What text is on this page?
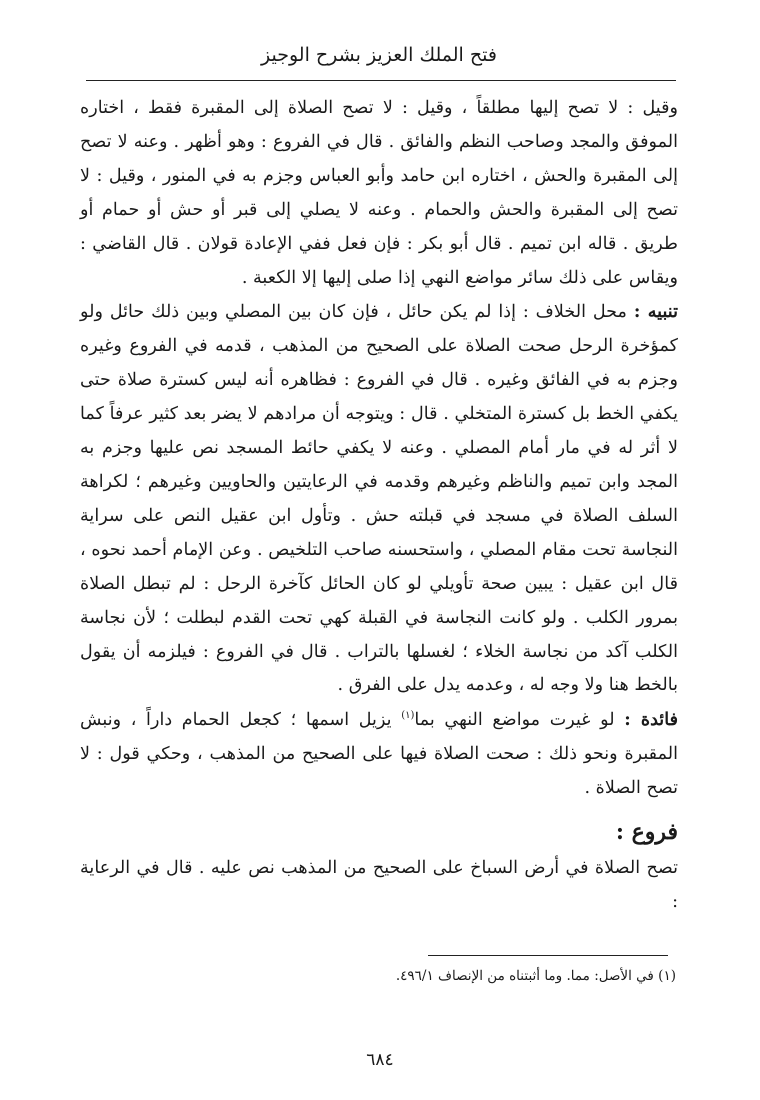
فتح الملك العزيز بشرح الوجيز

وقيل : لا تصح إليها مطلقاً ، وقيل : لا تصح الصلاة إلى المقبرة فقط ، اختاره الموفق والمجد وصاحب النظم والفائق . قال في الفروع : وهو أظهر . وعنه لا تصح إلى المقبرة والحش ، اختاره ابن حامد وأبو العباس وجزم به في المنور ، وقيل : لا تصح إلى المقبرة والحش والحمام . وعنه لا يصلي إلى قبر أو حش أو حمام أو طريق . قاله ابن تميم . قال أبو بكر : فإن فعل ففي الإعادة قولان . قال القاضي : ويقاس على ذلك سائر مواضع النهي إذا صلى إليها إلا الكعبة .

تنبيه : محل الخلاف : إذا لم يكن حائل ، فإن كان بين المصلي وبين ذلك حائل ولو كمؤخرة الرحل صحت الصلاة على الصحيح من المذهب ، قدمه في الفروع وغيره وجزم به في الفائق وغيره . قال في الفروع : فظاهره أنه ليس كسترة صلاة حتى يكفي الخط بل كسترة المتخلي . قال : ويتوجه أن مرادهم لا يضر بعد كثير عرفاً كما لا أثر له في مار أمام المصلي . وعنه لا يكفي حائط المسجد نص عليها وجزم به المجد وابن تميم والناظم وغيرهم وقدمه في الرعايتين والحاويين وغيرهم ؛ لكراهة السلف الصلاة في مسجد في قبلته حش . وتأول ابن عقيل النص على سراية النجاسة تحت مقام المصلي ، واستحسنه صاحب التلخيص . وعن الإمام أحمد نحوه ، قال ابن عقيل : يبين صحة تأويلي لو كان الحائل كآخرة الرحل : لم تبطل الصلاة بمرور الكلب . ولو كانت النجاسة في القبلة كهي تحت القدم لبطلت ؛ لأن نجاسة الكلب آكد من نجاسة الخلاء ؛ لغسلها بالتراب . قال في الفروع : فيلزمه أن يقول بالخط هنا ولا وجه له ، وعدمه يدل على الفرق .

فائدة : لو غيرت مواضع النهي بما$^{(١)}$ يزيل اسمها ؛ كجعل الحمام داراً ، ونبش المقبرة ونحو ذلك : صحت الصلاة فيها على الصحيح من المذهب ، وحكي قول : لا تصح الصلاة .

فروع :

تصح الصلاة في أرض السباخ على الصحيح من المذهب نص عليه . قال في الرعاية :

(١) في الأصل: مما. وما أثبتناه من الإنصاف ٤٩٦/١.
٦٨٤
